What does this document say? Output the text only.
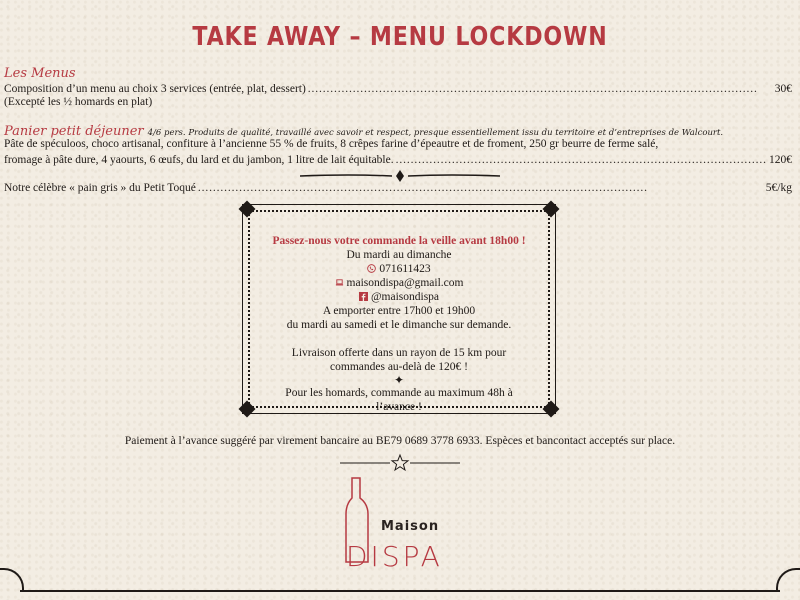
TAKE AWAY – MENU LOCKDOWN
Les Menus
Composition d’un menu au choix 3 services (entrée, plat, dessert) . . .	30€
(Excepté les ½ homards en plat)
Panier petit déjeuner 4/6 pers. Produits de qualité, travaillé avec savoir et respect, presque essentiellement issu du territoire et d’entreprises de Walcourt.
Pâte de spéculoos, choco artisanal, confiture à l’ancienne 55 % de fruits, 8 crêpes farine d’épeautre et de froment, 250 gr beurre de ferme salé,
fromage à pâte dure, 4 yaourts, 6 œufs, du lard et du jambon, 1 litre de lait équitable. . . .	120€
Notre célèbre « pain gris » du Petit Toqué . . .	5€/kg
Passez-nous votre commande la veille avant 18h00 !
Du mardi au dimanche
071611423
maisondispa@gmail.com
@maisondispa
A emporter entre 17h00 et 19h00
du mardi au samedi et le dimanche sur demande.
Livraison offerte dans un rayon de 15 km pour
commandes au-delà de 120€ !
✦
Pour les homards, commande au maximum 48h à
l’avance !
Paiement à l’avance suggéré par virement bancaire au BE79 0689 3778 6933. Espèces et bancontact acceptés sur place.
Maison
DISPA
